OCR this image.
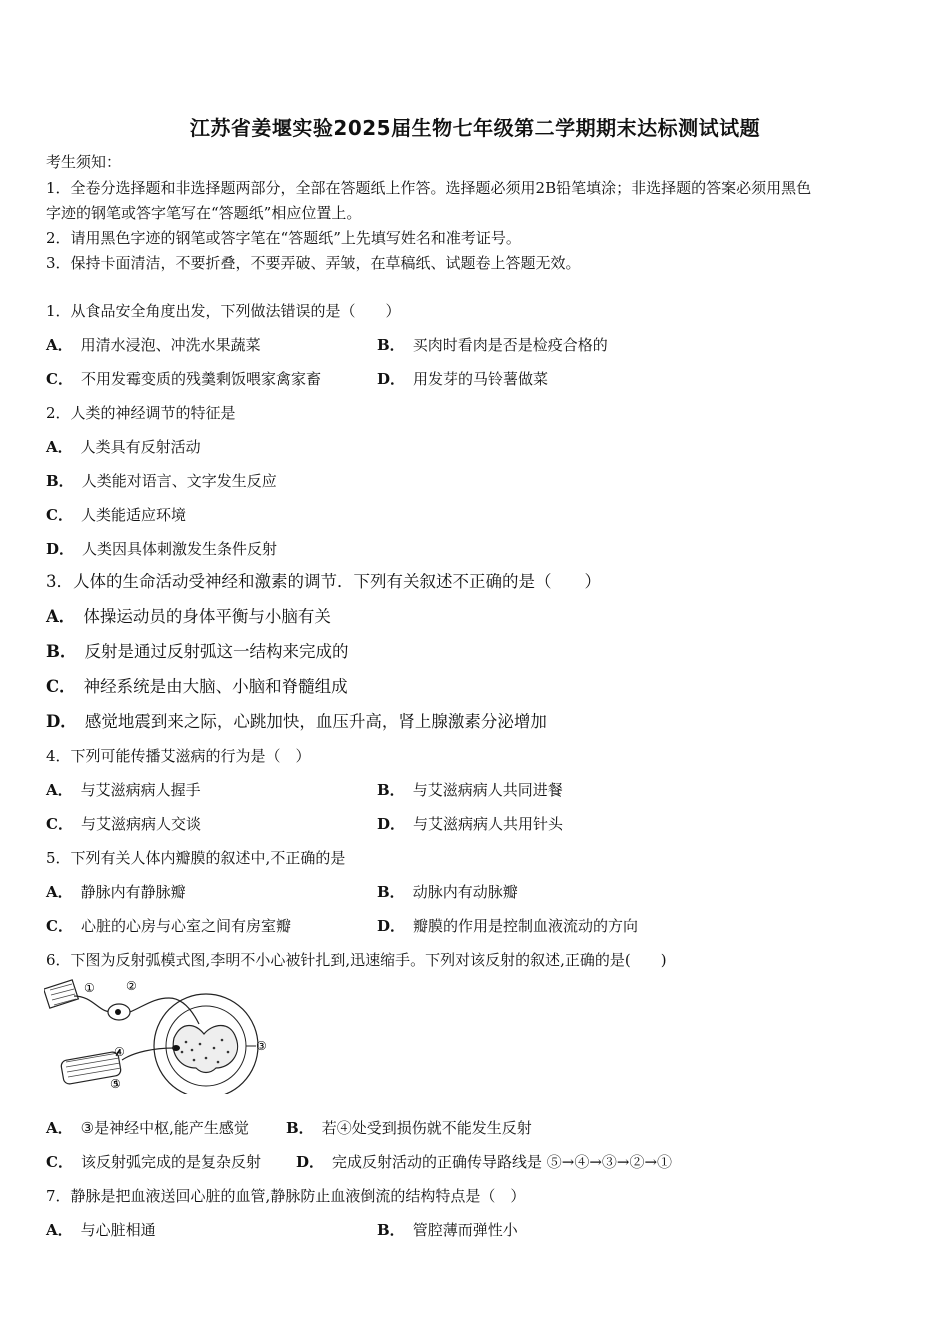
江苏省姜堰实验2025届生物七年级第二学期期末达标测试试题
考生须知：
1．全卷分选择题和非选择题两部分，全部在答题纸上作答。选择题必须用2B铅笔填涂；非选择题的答案必须用黑色
字迹的钢笔或答字笔写在“答题纸”相应位置上。
2．请用黑色字迹的钢笔或答字笔在“答题纸”上先填写姓名和准考证号。
3．保持卡面清洁，不要折叠，不要弄破、弄皱，在草稿纸、试题卷上答题无效。
1．从食品安全角度出发，下列做法错误的是（　　）
A． 用清水浸泡、冲洗水果蔬菜	B． 买肉时看肉是否是检疫合格的
C． 不用发霉变质的残羹剩饭喂家禽家畜	D． 用发芽的马铃薯做菜
2．人类的神经调节的特征是
A． 人类具有反射活动
B． 人类能对语言、文字发生反应
C． 人类能适应环境
D． 人类因具体刺激发生条件反射
3．人体的生命活动受神经和激素的调节．下列有关叙述不正确的是（　　）
A． 体操运动员的身体平衡与小脑有关
B． 反射是通过反射弧这一结构来完成的
C． 神经系统是由大脑、小脑和脊髓组成
D． 感觉地震到来之际，心跳加快，血压升高，肾上腺激素分泌增加
4．下列可能传播艾滋病的行为是（　）
A． 与艾滋病病人握手	B． 与艾滋病病人共同进餐
C． 与艾滋病病人交谈	D． 与艾滋病病人共用针头
5．下列有关人体内瓣膜的叙述中,不正确的是
A． 静脉内有静脉瓣	B． 动脉内有动脉瓣
C． 心脏的心房与心室之间有房室瓣	D． 瓣膜的作用是控制血液流动的方向
6．下图为反射弧模式图,李明不小心被针扎到,迅速缩手。下列对该反射的叙述,正确的是(　　)
①	②
③
④
⑤
A． ③是神经中枢,能产生感觉 B． 若④处受到损伤就不能发生反射
C． 该反射弧完成的是复杂反射 D． 完成反射活动的正确传导路线是 ⑤→④→③→②→①
7．静脉是把血液送回心脏的血管,静脉防止血液倒流的结构特点是（　）
A． 与心脏相通	B． 管腔薄而弹性小
